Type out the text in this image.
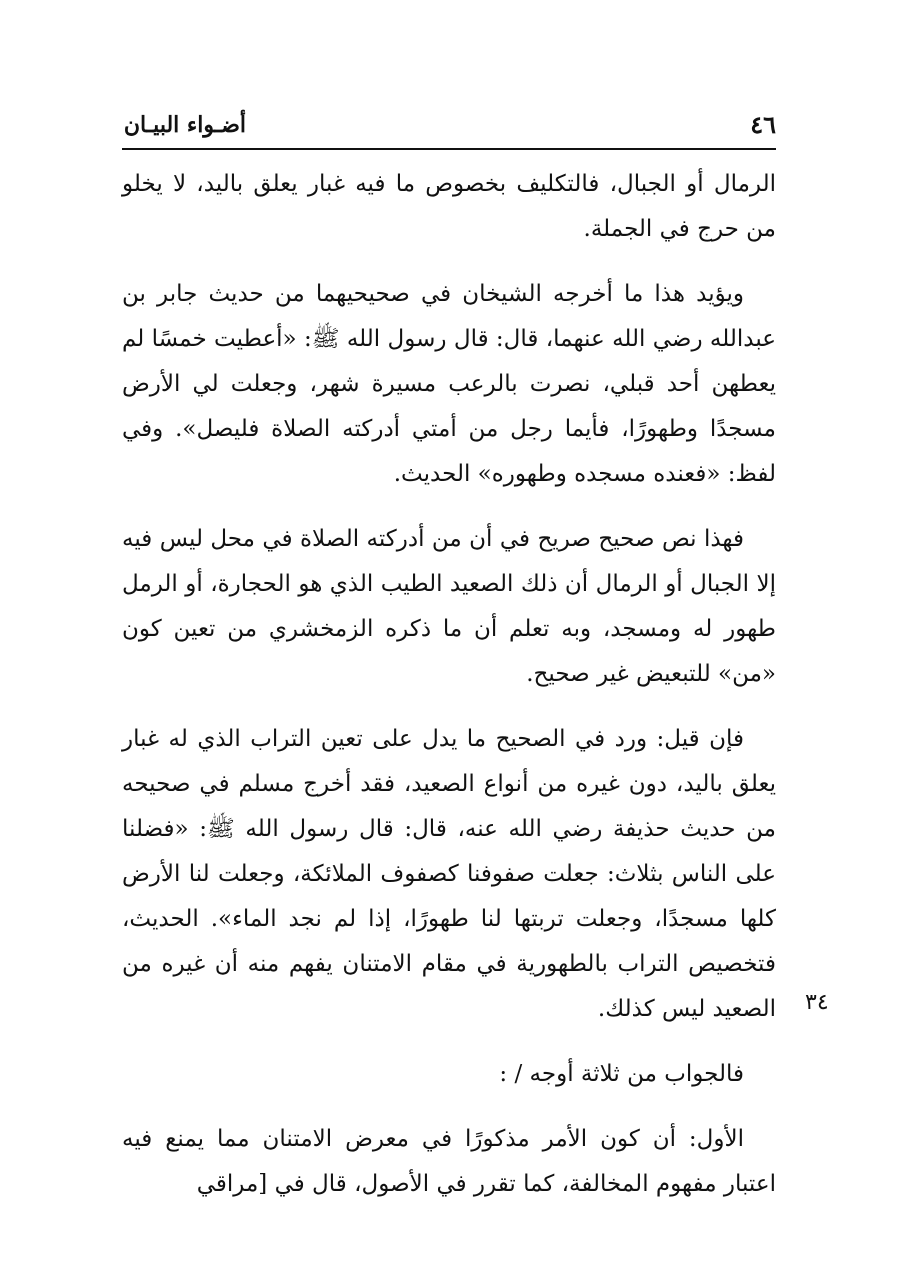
٤٦
أضـواء البيـان

الرمال أو الجبال، فالتكليف بخصوص ما فيه غبار يعلق باليد، لا يخلو من حرج في الجملة.

ويؤيد هذا ما أخرجه الشيخان في صحيحيهما من حديث جابر بن عبدالله رضي الله عنهما، قال: قال رسول الله ﷺ: «أعطيت خمسًا لم يعطهن أحد قبلي، نصرت بالرعب مسيرة شهر، وجعلت لي الأرض مسجدًا وطهورًا، فأيما رجل من أمتي أدركته الصلاة فليصل». وفي لفظ: «فعنده مسجده وطهوره» الحديث.

فهذا نص صحيح صريح في أن من أدركته الصلاة في محل ليس فيه إلا الجبال أو الرمال أن ذلك الصعيد الطيب الذي هو الحجارة، أو الرمل طهور له ومسجد، وبه تعلم أن ما ذكره الزمخشري من تعين كون «من» للتبعيض غير صحيح.

فإن قيل: ورد في الصحيح ما يدل على تعين التراب الذي له غبار يعلق باليد، دون غيره من أنواع الصعيد، فقد أخرج مسلم في صحيحه من حديث حذيفة رضي الله عنه، قال: قال رسول الله ﷺ: «فضلنا على الناس بثلاث: جعلت صفوفنا كصفوف الملائكة، وجعلت لنا الأرض كلها مسجدًا، وجعلت تربتها لنا طهورًا، إذا لم نجد الماء». الحديث، فتخصيص التراب بالطهورية في مقام الامتنان يفهم منه أن غيره من الصعيد ليس كذلك.

فالجواب من ثلاثة أوجه / :

الأول: أن كون الأمر مذكورًا في معرض الامتنان مما يمنع فيه اعتبار مفهوم المخالفة، كما تقرر في الأصول، قال في [مراقي

٣٤
